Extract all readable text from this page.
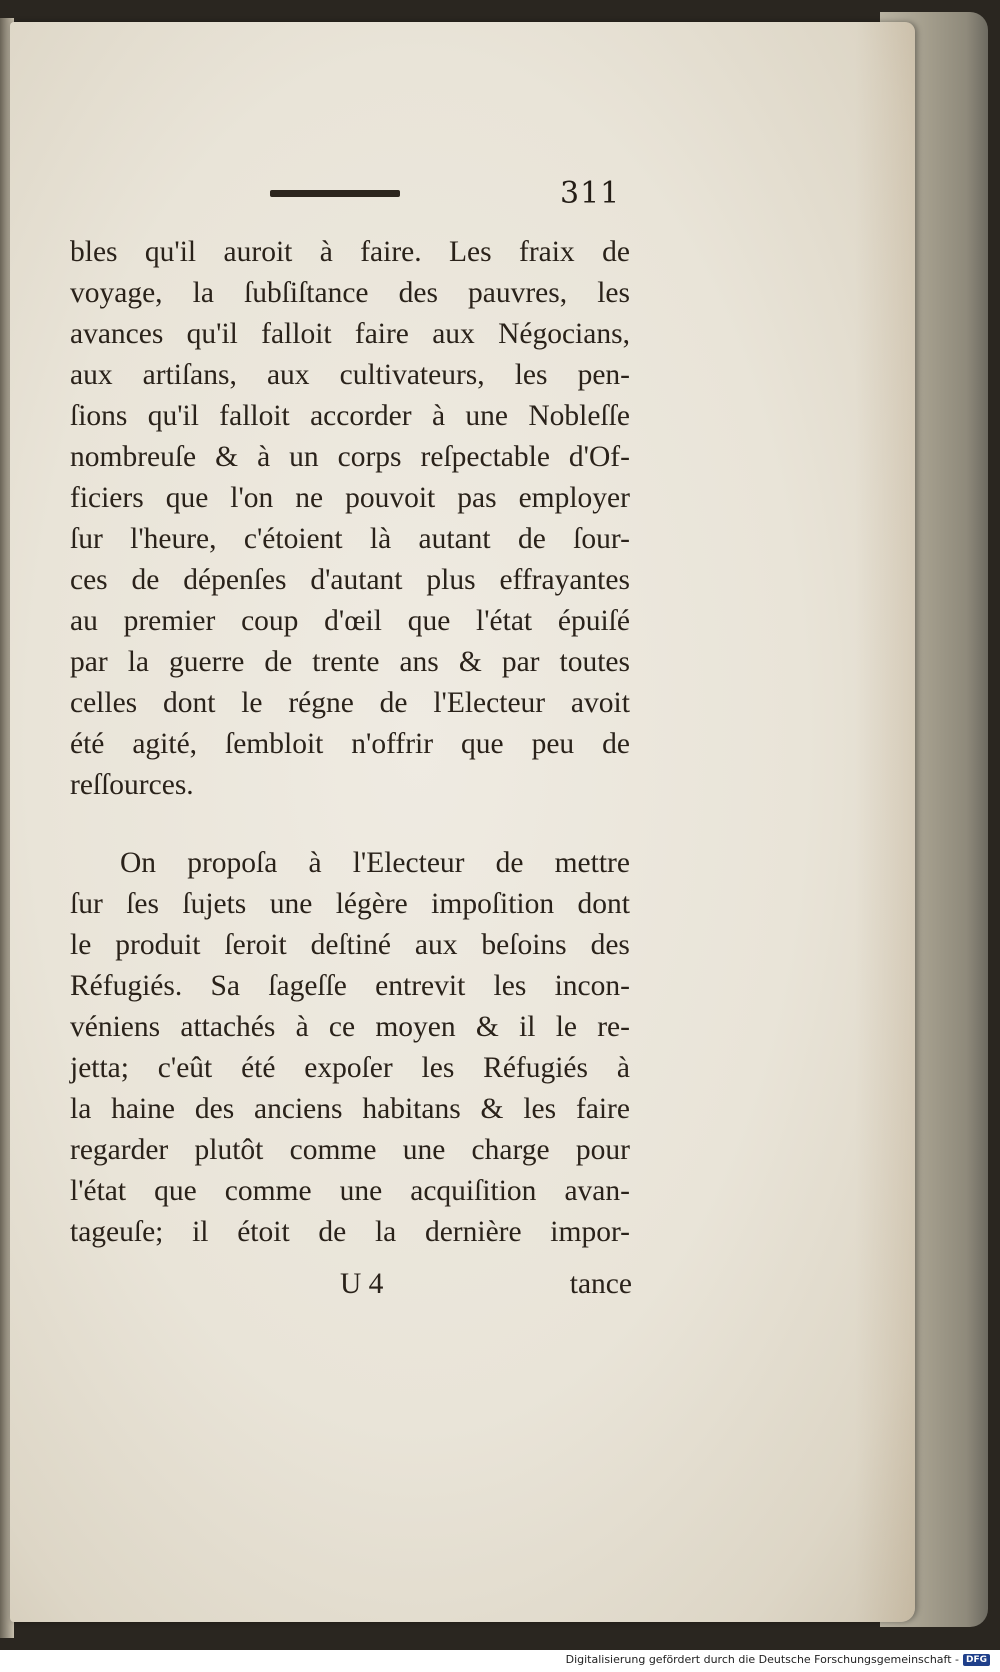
311
bles qu'il auroit à faire. Les fraix de
voyage, la ſubſiſtance des pauvres, les
avances qu'il falloit faire aux Négocians,
aux artiſans, aux cultivateurs, les pen-
ſions qu'il falloit accorder à une Nobleſſe
nombreuſe & à un corps reſpectable d'Of-
ficiers que l'on ne pouvoit pas employer
ſur l'heure, c'étoient là autant de ſour-
ces de dépenſes d'autant plus effrayantes
au premier coup d'œil que l'état épuiſé
par la guerre de trente ans & par toutes
celles dont le régne de l'Electeur avoit
été agité, ſembloit n'offrir que peu de
reſſources.
On propoſa à l'Electeur de mettre
ſur ſes ſujets une légère impoſition dont
le produit ſeroit deſtiné aux beſoins des
Réfugiés. Sa ſageſſe entrevit les incon-
véniens attachés à ce moyen & il le re-
jetta; c'eût été expoſer les Réfugiés à
la haine des anciens habitans & les faire
regarder plutôt comme une charge pour
l'état que comme une acquiſition avan-
tageuſe; il étoit de la dernière impor-
U 4	tance
Digitalisierung gefördert durch die Deutsche Forschungsgemeinschaft - DFG
